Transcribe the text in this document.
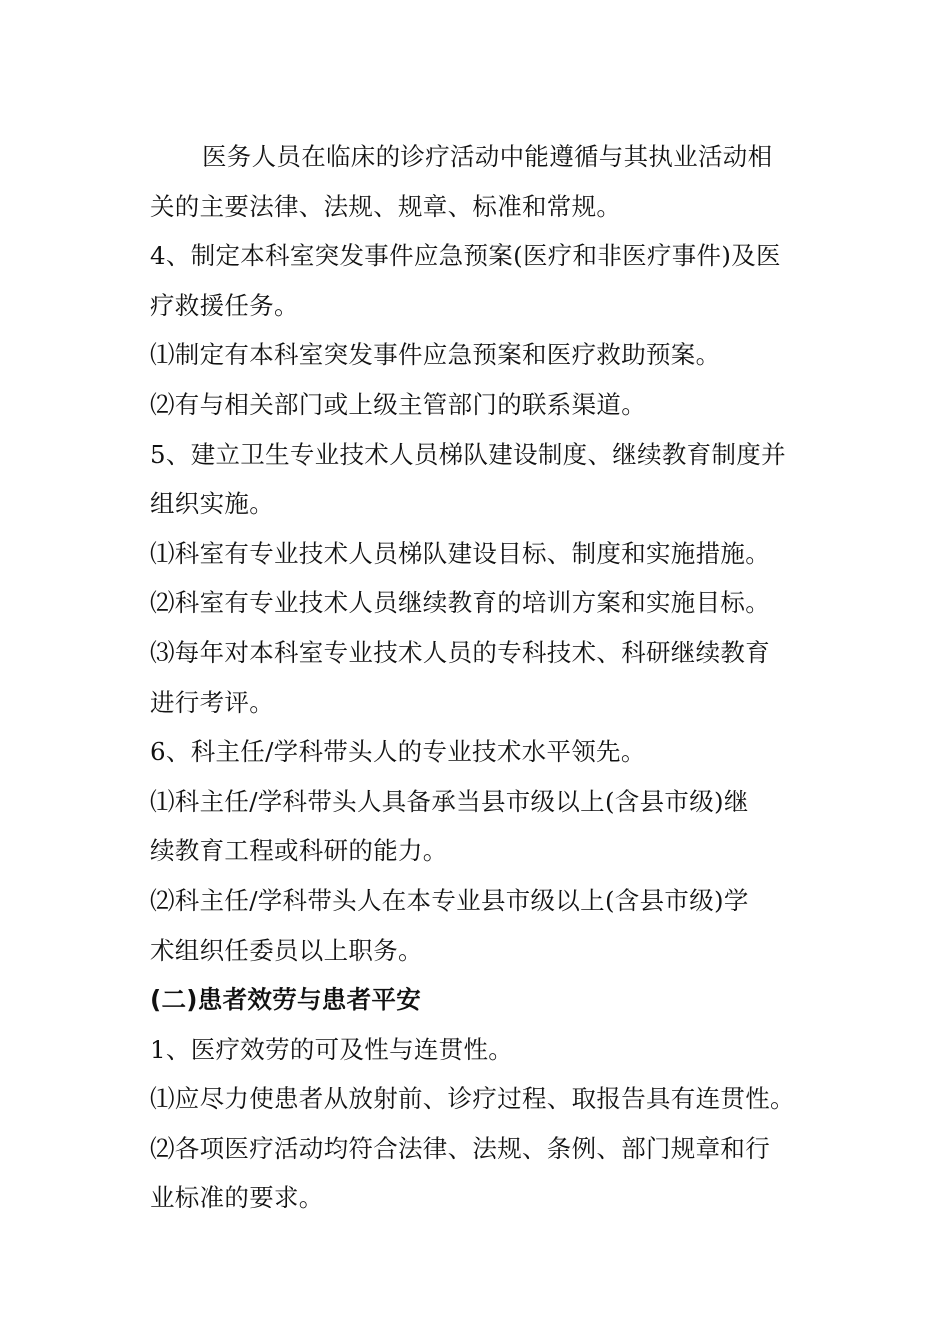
医务人员在临床的诊疗活动中能遵循与其执业活动相
关的主要法律、法规、规章、标准和常规。
4、制定本科室突发事件应急预案(医疗和非医疗事件)及医
疗救援任务。
⑴制定有本科室突发事件应急预案和医疗救助预案。
⑵有与相关部门或上级主管部门的联系渠道。
5、建立卫生专业技术人员梯队建设制度、继续教育制度并
组织实施。
⑴科室有专业技术人员梯队建设目标、制度和实施措施。
⑵科室有专业技术人员继续教育的培训方案和实施目标。
⑶每年对本科室专业技术人员的专科技术、科研继续教育
进行考评。
6、科主任/学科带头人的专业技术水平领先。
⑴科主任/学科带头人具备承当县市级以上(含县市级)继
续教育工程或科研的能力。
⑵科主任/学科带头人在本专业县市级以上(含县市级)学
术组织任委员以上职务。
(二)患者效劳与患者平安
1、医疗效劳的可及性与连贯性。
⑴应尽力使患者从放射前、诊疗过程、取报告具有连贯性。
⑵各项医疗活动均符合法律、法规、条例、部门规章和行
业标准的要求。
